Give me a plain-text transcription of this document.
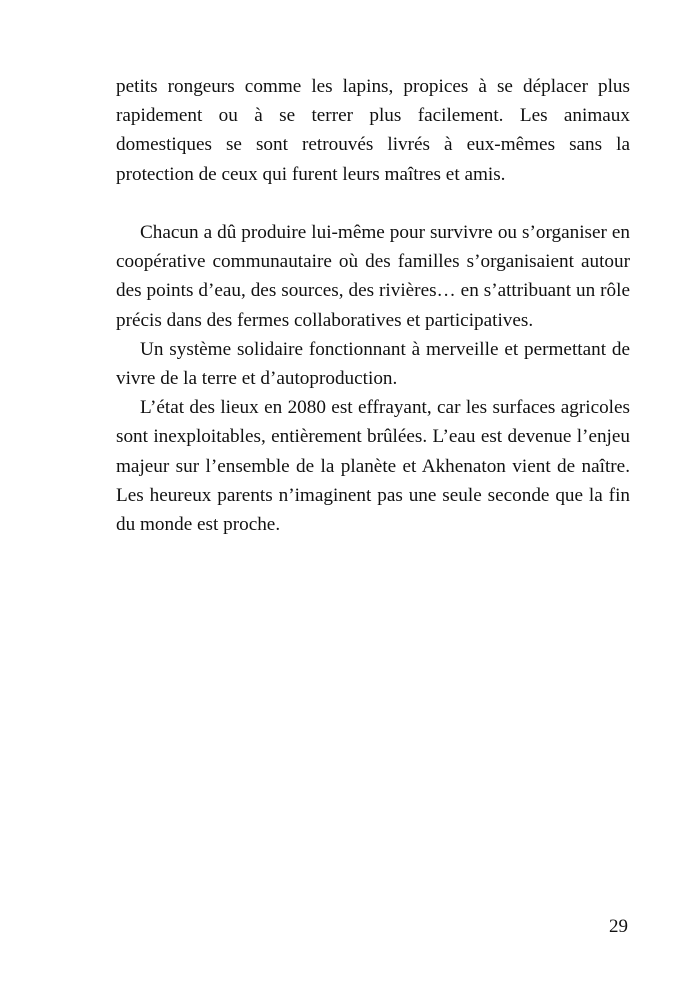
petits rongeurs comme les lapins, propices à se déplacer plus rapidement ou à se terrer plus facilement. Les animaux domestiques se sont retrouvés livrés à eux-mêmes sans la protection de ceux qui furent leurs maîtres et amis.

Chacun a dû produire lui-même pour survivre ou s’organiser en coopérative communautaire où des familles s’organisaient autour des points d’eau, des sources, des rivières… en s’attribuant un rôle précis dans des fermes collaboratives et participatives.

Un système solidaire fonctionnant à merveille et permettant de vivre de la terre et d’autoproduction.

L’état des lieux en 2080 est effrayant, car les surfaces agricoles sont inexploitables, entièrement brûlées. L’eau est devenue l’enjeu majeur sur l’ensemble de la planète et Akhenaton vient de naître. Les heureux parents n’imaginent pas une seule seconde que la fin du monde est proche.

29
